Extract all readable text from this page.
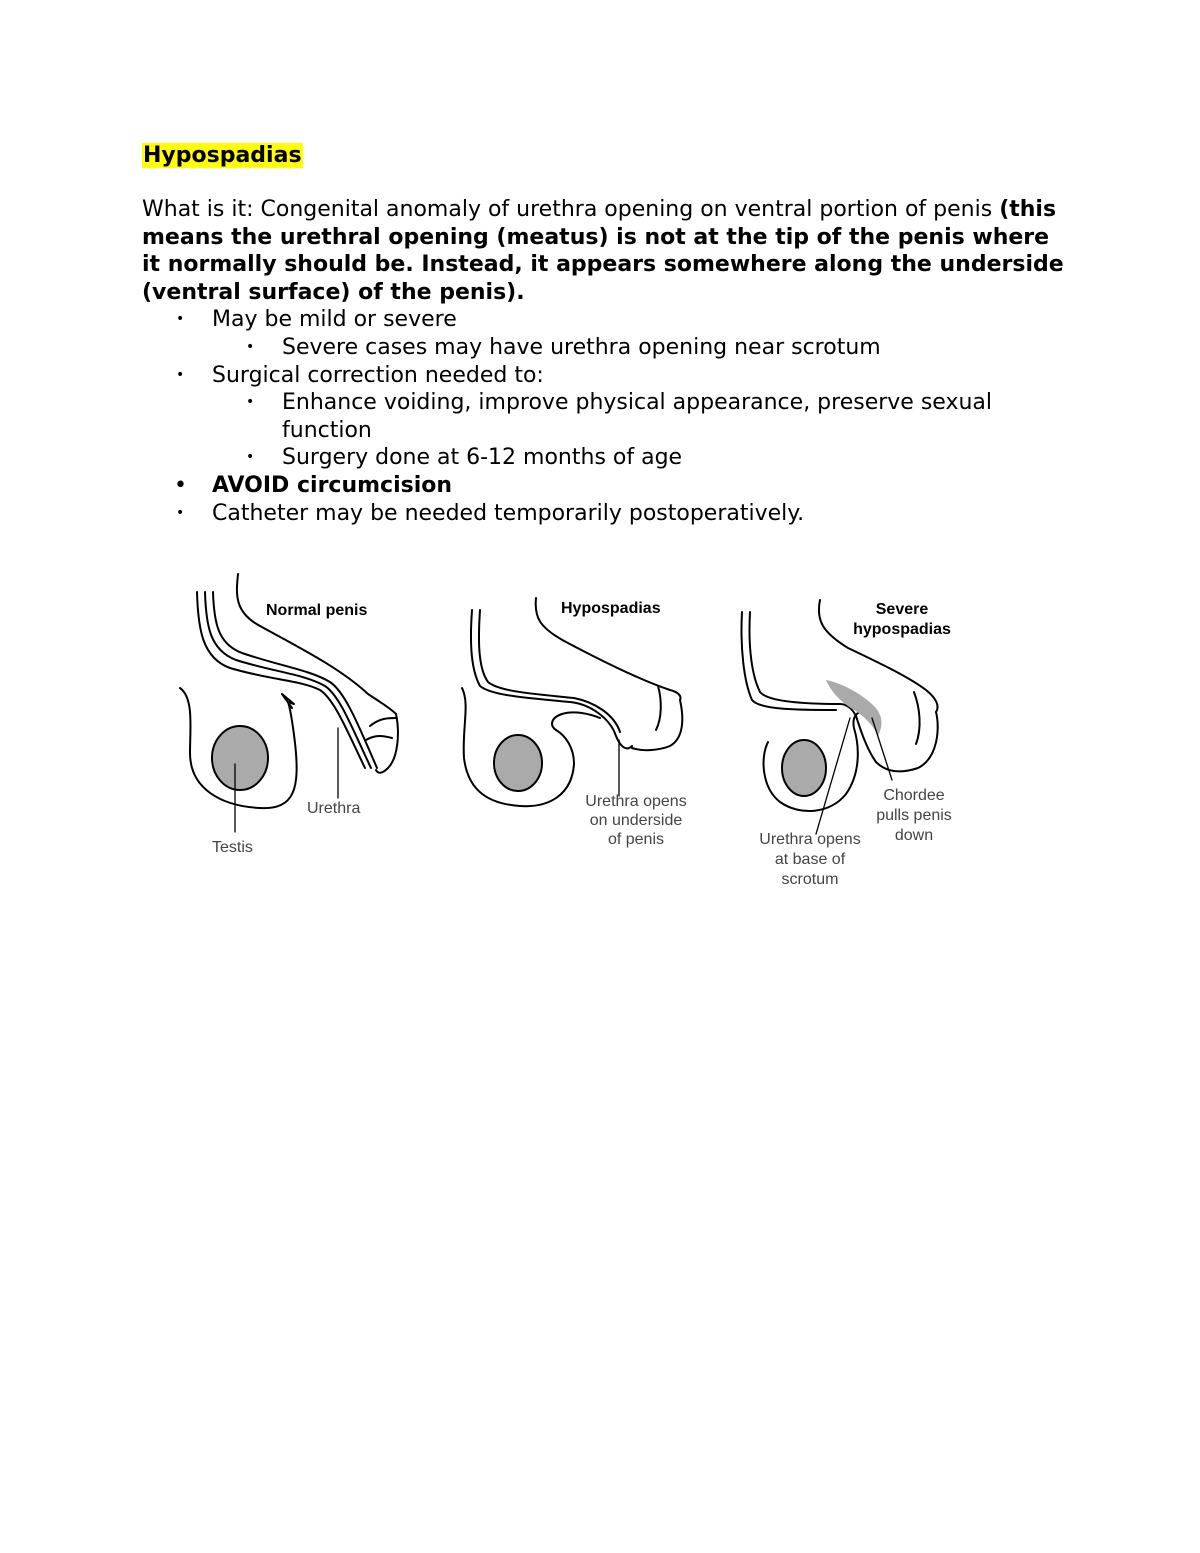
Hypospadias

What is it: Congenital anomaly of urethra opening on ventral portion of penis (this means the urethral opening (meatus) is not at the tip of the penis where it normally should be. Instead, it appears somewhere along the underside (ventral surface) of the penis).

• May be mild or severe
• Severe cases may have urethra opening near scrotum
• Surgical correction needed to:
• Enhance voiding, improve physical appearance, preserve sexual function
• Surgery done at 6-12 months of age
• AVOID circumcision
• Catheter may be needed temporarily postoperatively.
Normal penis
Urethra
Testis
Hypospadias
Urethra opens
on underside
of penis
Severe
hypospadias
Urethra opens
at base of
scrotum
Chordee
pulls penis
down
